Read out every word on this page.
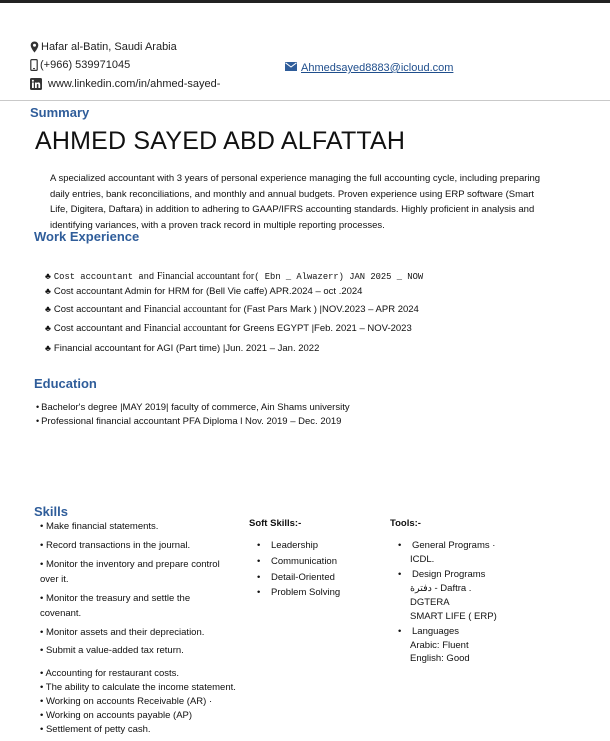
Hafar al-Batin, Saudi Arabia
(+966) 539971045
www.linkedin.com/in/ahmed-sayed-
Ahmedsayed8883@icloud.com
Summary
AHMED SAYED ABD ALFATTAH
A specialized accountant with 3 years of personal experience managing the full accounting cycle, including preparing daily entries, bank reconciliations, and monthly and annual budgets. Proven experience using ERP software (Smart Life, Digitera, Daftara) in addition to adhering to GAAP/IFRS accounting standards. Highly proficient in analysis and identifying variances, with a proven track record in multiple reporting processes.
Work Experience
♣ Cost accountant and Financial accountant for( Ebn _ Alwazerr) JAN 2025 _ NOW
♣ Cost accountant Admin for HRM for (Bell Vie caffe) APR.2024 – oct .2024
♣ Cost accountant and Financial accountant for (Fast Pars Mark ) |NOV.2023 – APR 2024
♣ Cost accountant and Financial accountant for Greens EGYPT |Feb. 2021 – NOV-2023
♣ Financial accountant for AGI (Part time) |Jun. 2021 – Jan. 2022
Education
• Bachelor's degree |MAY 2019| faculty of commerce, Ain Shams university
• Professional financial accountant PFA Diploma l Nov. 2019 – Dec. 2019
Skills
• Make financial statements.
• Record transactions in the journal.
• Monitor the inventory and prepare control
over it.
• Monitor the treasury and settle the
covenant.
• Monitor assets and their depreciation.
• Submit a value-added tax return.
• Accounting for restaurant costs.
• The ability to calculate the income statement.
• Working on accounts Receivable (AR) ·
• Working on accounts payable (AP)
• Settlement of petty cash.
Soft Skills:-
• Leadership
• Communication
• Detail-Oriented
• Problem Solving
Tools:-
• General Programs ·
ICDL.
• Design Programs
دفترة - Daftra .
DGTERA
SMART LIFE ( ERP)
• Languages
Arabic: Fluent
English: Good
